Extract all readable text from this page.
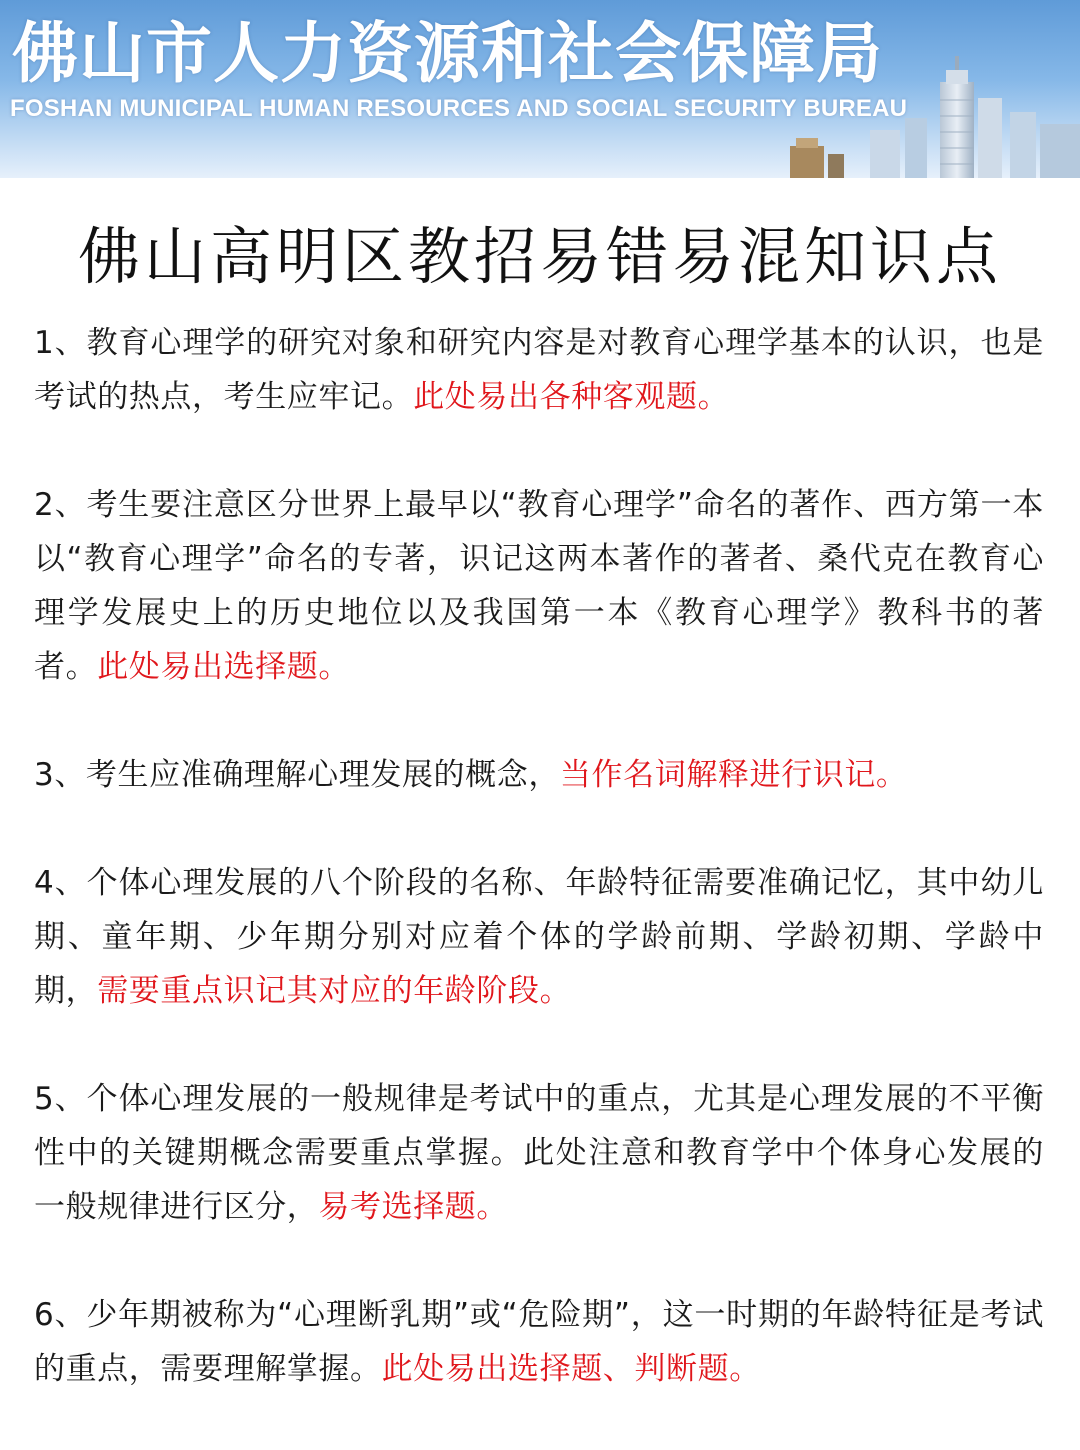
佛山市人力资源和社会保障局
FOSHAN MUNICIPAL HUMAN RESOURCES AND SOCIAL SECURITY BUREAU
佛山高明区教招易错易混知识点

1、教育心理学的研究对象和研究内容是对教育心理学基本的认识，也是考试的热点，考生应牢记。此处易出各种客观题。

2、考生要注意区分世界上最早以“教育心理学”命名的著作、西方第一本以“教育心理学”命名的专著，识记这两本著作的著者、桑代克在教育心理学发展史上的历史地位以及我国第一本《教育心理学》教科书的著者。此处易出选择题。

3、考生应准确理解心理发展的概念，当作名词解释进行识记。

4、个体心理发展的八个阶段的名称、年龄特征需要准确记忆，其中幼儿期、童年期、少年期分别对应着个体的学龄前期、学龄初期、学龄中期，需要重点识记其对应的年龄阶段。

5、个体心理发展的一般规律是考试中的重点，尤其是心理发展的不平衡性中的关键期概念需要重点掌握。此处注意和教育学中个体身心发展的一般规律进行区分，易考选择题。

6、少年期被称为“心理断乳期”或“危险期”，这一时期的年龄特征是考试的重点，需要理解掌握。此处易出选择题、判断题。
